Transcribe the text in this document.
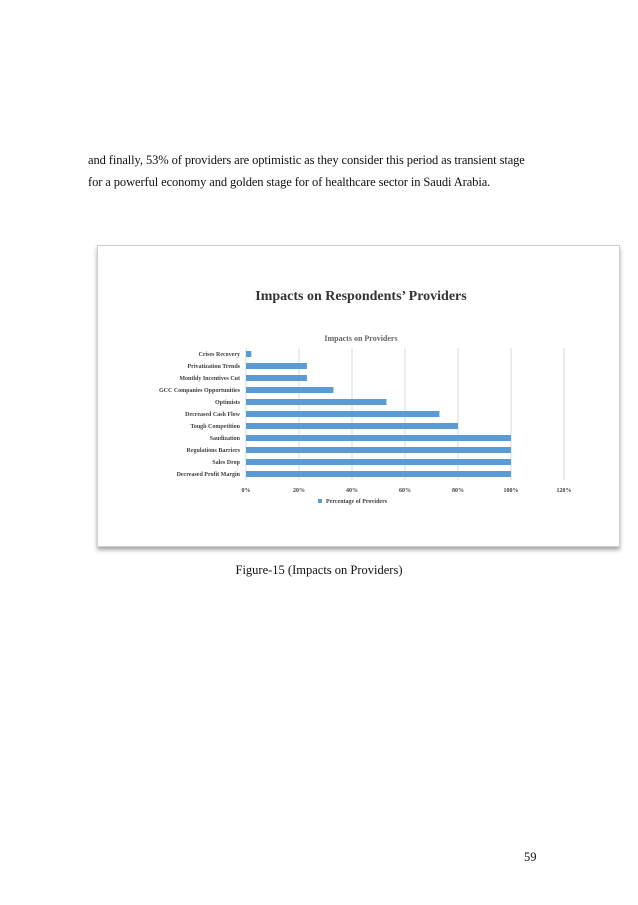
and finally, 53% of providers are optimistic as they consider this period as transient stage
for a powerful economy and golden stage for of healthcare sector in Saudi Arabia.
Impacts on Respondents’ Providers
Impacts on Providers
0%	20%	40%	60%	80%	100%	120%
Crises Recovery
Privatization Trends
Monthly Incentives Cut
GCC Companies Opportunities
Optimists
Decreased Cash Flow
Tough Competition
Saudization
Regulations Barriers
Sales Drop
Decreased Profit Margin
Percentage of Providers
Figure-15 (Impacts on Providers)
59
